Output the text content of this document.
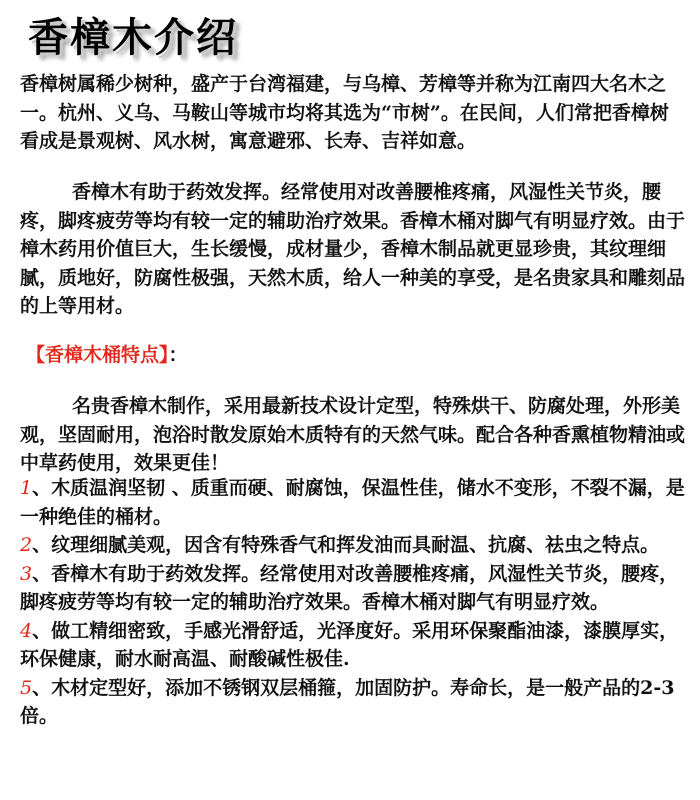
香樟木介绍

香樟树属稀少树种，盛产于台湾福建，与乌樟、芳樟等并称为江南四大名木之一。杭州、义乌、马鞍山等城市均将其选为“市树”。在民间，人们常把香樟树看成是景观树、风水树，寓意避邪、长寿、吉祥如意。

香樟木有助于药效发挥。经常使用对改善腰椎疼痛，风湿性关节炎，腰疼，脚疼疲劳等均有较一定的辅助治疗效果。香樟木桶对脚气有明显疗效。由于樟木药用价值巨大，生长缓慢，成材量少，香樟木制品就更显珍贵，其纹理细腻，质地好，防腐性极强，天然木质，给人一种美的享受，是名贵家具和雕刻品的上等用材。

【香樟木桶特点】：

名贵香樟木制作，采用最新技术设计定型，特殊烘干、防腐处理，外形美观，坚固耐用，泡浴时散发原始木质特有的天然气味。配合各种香熏植物精油或中草药使用，效果更佳！

1、木质温润坚韧 、质重而硬、耐腐蚀，保温性佳，储水不变形，不裂不漏，是一种绝佳的桶材。

2、纹理细腻美观，因含有特殊香气和挥发油而具耐温、抗腐、祛虫之特点。

3、香樟木有助于药效发挥。经常使用对改善腰椎疼痛，风湿性关节炎，腰疼，脚疼疲劳等均有较一定的辅助治疗效果。香樟木桶对脚气有明显疗效。

4、做工精细密致，手感光滑舒适，光泽度好。采用环保聚酯油漆，漆膜厚实，环保健康，耐水耐高温、耐酸碱性极佳.

5、木材定型好，添加不锈钢双层桶箍，加固防护。寿命长，是一般产品的2-3倍。
